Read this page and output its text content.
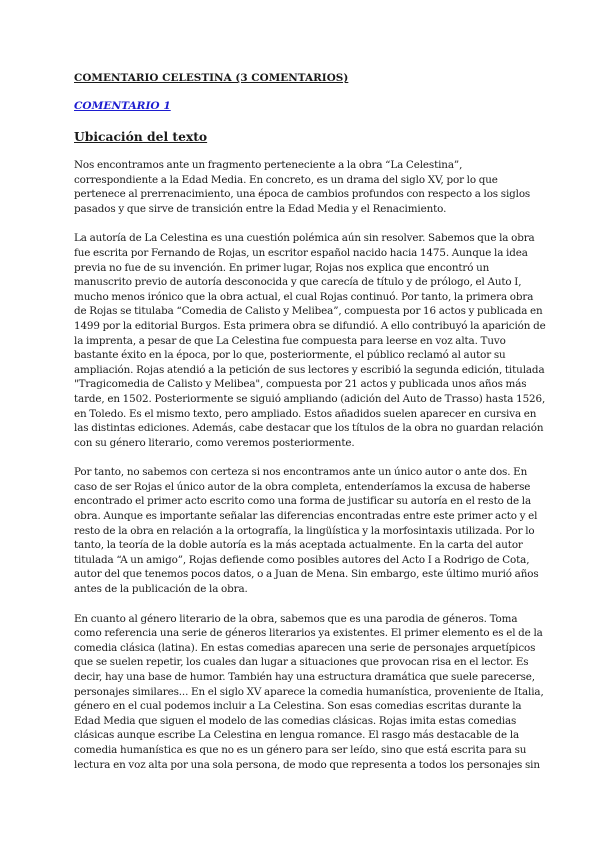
COMENTARIO CELESTINA (3 COMENTARIOS)

COMENTARIO 1

Ubicación del texto

Nos encontramos ante un fragmento perteneciente a la obra “La Celestina”,
correspondiente a la Edad Media. En concreto, es un drama del siglo XV, por lo que
pertenece al prerrenacimiento, una época de cambios profundos con respecto a los siglos
pasados y que sirve de transición entre la Edad Media y el Renacimiento.
La autoría de La Celestina es una cuestión polémica aún sin resolver. Sabemos que la obra
fue escrita por Fernando de Rojas, un escritor español nacido hacia 1475. Aunque la idea
previa no fue de su invención. En primer lugar, Rojas nos explica que encontró un
manuscrito previo de autoría desconocida y que carecía de título y de prólogo, el Auto I,
mucho menos irónico que la obra actual, el cual Rojas continuó. Por tanto, la primera obra
de Rojas se titulaba “Comedia de Calisto y Melibea”, compuesta por 16 actos y publicada en
1499 por la editorial Burgos. Esta primera obra se difundió. A ello contribuyó la aparición de
la imprenta, a pesar de que La Celestina fue compuesta para leerse en voz alta. Tuvo
bastante éxito en la época, por lo que, posteriormente, el público reclamó al autor su
ampliación. Rojas atendió a la petición de sus lectores y escribió la segunda edición, titulada
"Tragicomedia de Calisto y Melibea", compuesta por 21 actos y publicada unos años más
tarde, en 1502. Posteriormente se siguió ampliando (adición del Auto de Trasso) hasta 1526,
en Toledo. Es el mismo texto, pero ampliado. Estos añadidos suelen aparecer en cursiva en
las distintas ediciones. Además, cabe destacar que los títulos de la obra no guardan relación
con su género literario, como veremos posteriormente.
Por tanto, no sabemos con certeza si nos encontramos ante un único autor o ante dos. En
caso de ser Rojas el único autor de la obra completa, entenderíamos la excusa de haberse
encontrado el primer acto escrito como una forma de justificar su autoría en el resto de la
obra. Aunque es importante señalar las diferencias encontradas entre este primer acto y el
resto de la obra en relación a la ortografía, la lingüística y la morfosintaxis utilizada. Por lo
tanto, la teoría de la doble autoría es la más aceptada actualmente. En la carta del autor
titulada “A un amigo”, Rojas defiende como posibles autores del Acto I a Rodrigo de Cota,
autor del que tenemos pocos datos, o a Juan de Mena. Sin embargo, este último murió años
antes de la publicación de la obra.
En cuanto al género literario de la obra, sabemos que es una parodia de géneros. Toma
como referencia una serie de géneros literarios ya existentes. El primer elemento es el de la
comedia clásica (latina). En estas comedias aparecen una serie de personajes arquetípicos
que se suelen repetir, los cuales dan lugar a situaciones que provocan risa en el lector. Es
decir, hay una base de humor. También hay una estructura dramática que suele parecerse,
personajes similares... En el siglo XV aparece la comedia humanística, proveniente de Italia,
género en el cual podemos incluir a La Celestina. Son esas comedias escritas durante la
Edad Media que siguen el modelo de las comedias clásicas. Rojas imita estas comedias
clásicas aunque escribe La Celestina en lengua romance. El rasgo más destacable de la
comedia humanística es que no es un género para ser leído, sino que está escrita para su
lectura en voz alta por una sola persona, de modo que representa a todos los personajes sin
